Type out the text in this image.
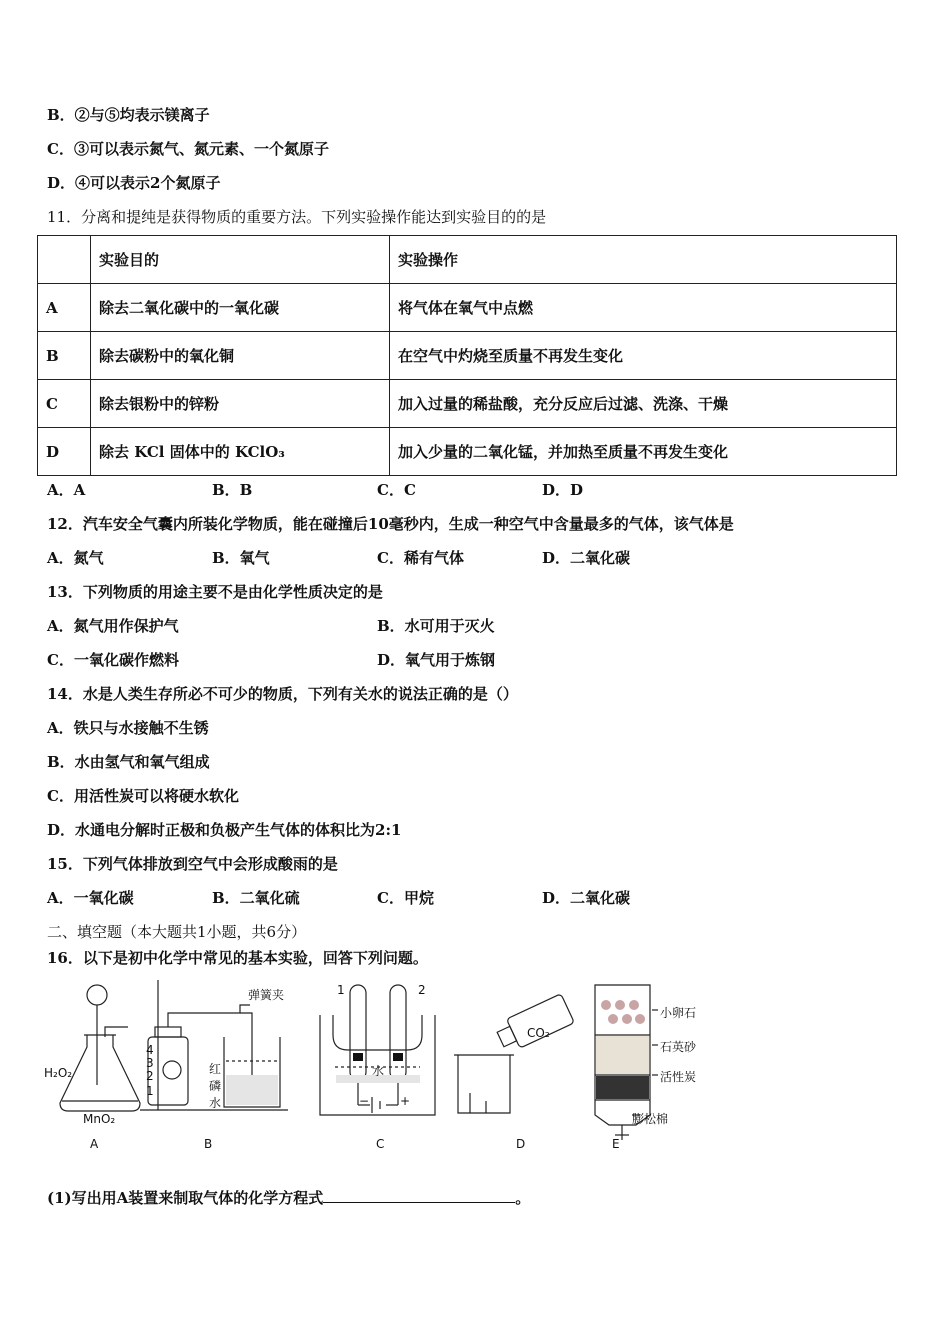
B．②与⑤均表示镁离子
C．③可以表示氮气、氮元素、一个氮原子
D．④可以表示2个氮原子
11．分离和提纯是获得物质的重要方法。下列实验操作能达到实验目的的是
	实验目的	实验操作
A	除去二氧化碳中的一氧化碳	将气体在氧气中点燃
B	除去碳粉中的氧化铜	在空气中灼烧至质量不再发生变化
C	除去银粉中的锌粉	加入过量的稀盐酸，充分反应后过滤、洗涤、干燥
D	除去 KCl 固体中的 KClO₃	加入少量的二氧化锰，并加热至质量不再发生变化
A．A	B．B	C．C	D．D
12．汽车安全气囊内所装化学物质，能在碰撞后10毫秒内，生成一种空气中含量最多的气体，该气体是
A．氮气	B．氧气	C．稀有气体	D．二氧化碳
13．下列物质的用途主要不是由化学性质决定的是
A．氮气用作保护气	B．水可用于灭火
C．一氧化碳作燃料	D．氧气用于炼钢
14．水是人类生存所必不可少的物质，下列有关水的说法正确的是（）
A．铁只与水接触不生锈
B．水由氢气和氧气组成
C．用活性炭可以将硬水软化
D．水通电分解时正极和负极产生气体的体积比为2:1
15．下列气体排放到空气中会形成酸雨的是
A．一氧化碳	B．二氧化硫	C．甲烷	D．二氧化碳
二、填空题（本大题共1小题，共6分）
16．以下是初中化学中常见的基本实验，回答下列问题。
H₂O₂
MnO₂
A
4
3
2
1
弹簧夹
红
磷
水
B
1	2
水
−	+
C
CO₂
D
小卵石
石英砂
活性炭
膨松棉
E
(1)写出用A装置来制取气体的化学方程式	。
